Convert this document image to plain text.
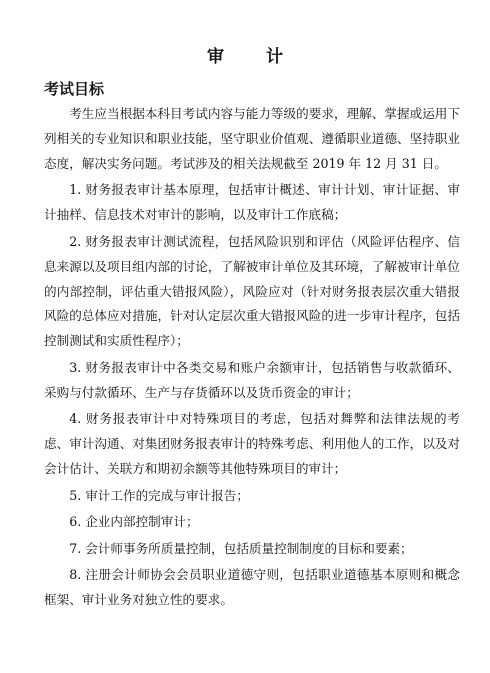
审 计
考试目标

考生应当根据本科目考试内容与能力等级的要求，理解、掌握或运用下列相关的专业知识和职业技能，坚守职业价值观、遵循职业道德、坚持职业态度，解决实务问题。考试涉及的相关法规截至 2019 年 12 月 31 日。

1. 财务报表审计基本原理，包括审计概述、审计计划、审计证据、审计抽样、信息技术对审计的影响，以及审计工作底稿；

2. 财务报表审计测试流程，包括风险识别和评估（风险评估程序、信息来源以及项目组内部的讨论，了解被审计单位及其环境，了解被审计单位的内部控制，评估重大错报风险），风险应对（针对财务报表层次重大错报风险的总体应对措施，针对认定层次重大错报风险的进一步审计程序，包括控制测试和实质性程序）；

3. 财务报表审计中各类交易和账户余额审计，包括销售与收款循环、采购与付款循环、生产与存货循环以及货币资金的审计；

4. 财务报表审计中对特殊项目的考虑，包括对舞弊和法律法规的考虑、审计沟通、对集团财务报表审计的特殊考虑、利用他人的工作，以及对会计估计、关联方和期初余额等其他特殊项目的审计；

5. 审计工作的完成与审计报告；

6. 企业内部控制审计；

7. 会计师事务所质量控制，包括质量控制制度的目标和要素；

8. 注册会计师协会会员职业道德守则，包括职业道德基本原则和概念框架、审计业务对独立性的要求。
